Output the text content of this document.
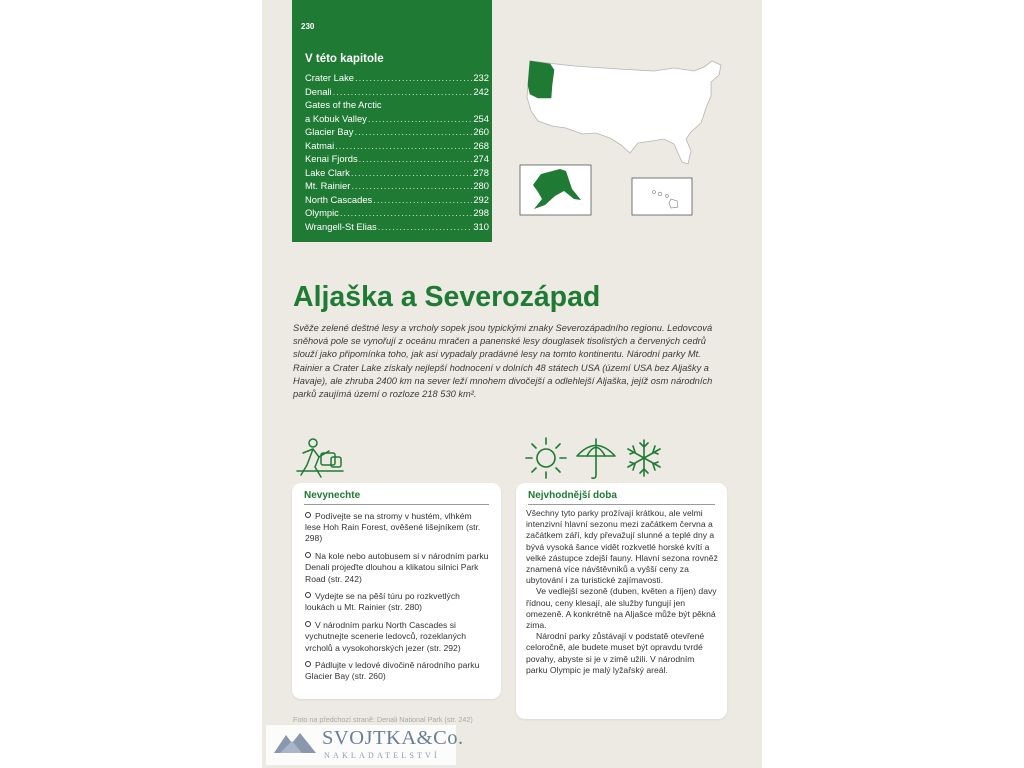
230
V této kapitole
Crater Lake .....	232
Denali .....	242
Gates of the Arctic
a Kobuk Valley .....	254
Glacier Bay .....	260
Katmai .....	268
Kenai Fjords .....	274
Lake Clark .....	278
Mt. Rainier .....	280
North Cascades .....	292
Olympic .....	298
Wrangell-St Elias .....	310
Aljaška a Severozápad

Svěže zelené deštné lesy a vrcholy sopek jsou typickými znaky Severozápadního regionu. Ledovcová sněhová pole se vynořují z oceánu mračen a panenské lesy douglasek tisolistých a červených cedrů slouží jako připomínka toho, jak asi vypadaly pradávné lesy na tomto kontinentu. Národní parky Mt. Rainier a Crater Lake získaly nejlepší hodnocení v dolních 48 státech USA (území USA bez Aljašky a Havaje), ale zhruba 2400 km na sever leží mnohem divočejší a odlehlejší Aljaška, jejíž osm národních parků zaujímá území o rozloze 218 530 km².

Nevynechte
Podívejte se na stromy v hustém, vlhkém lese Hoh Rain Forest, ověšené lišejníkem (str. 298)
Na kole nebo autobusem si v národním parku Denali projeďte dlouhou a klikatou silnici Park Road (str. 242)
Vydejte se na pěší túru po rozkvetlých loukách u Mt. Rainier (str. 280)
V národním parku North Cascades si vychutnejte scenerie ledovců, rozeklaných vrcholů a vysokohorských jezer (str. 292)
Pádlujte v ledové divočině národního parku Glacier Bay (str. 260)
Nejvhodnější doba

Všechny tyto parky prožívají krátkou, ale velmi intenzivní hlavní sezonu mezi začátkem června a začátkem září, kdy převažují slunné a teplé dny a bývá vysoká šance vidět rozkvetlé horské kvítí a velké zástupce zdejší fauny. Hlavní sezona rovněž znamená více návštěvníků a vyšší ceny za ubytování i za turistické zajímavosti.

Ve vedlejší sezoně (duben, květen a říjen) davy řídnou, ceny klesají, ale služby fungují jen omezeně. A konkrétně na Aljašce může být pěkná zima.

Národní parky zůstávají v podstatě otevřené celoročně, ale budete muset být opravdu tvrdé povahy, abyste si je v zimě užili. V národním parku Olympic je malý lyžařský areál.

Foto na předchozí straně: Denali National Park (str. 242)
SVOJTKA&Co.
NAKLADATELSTVÍ
